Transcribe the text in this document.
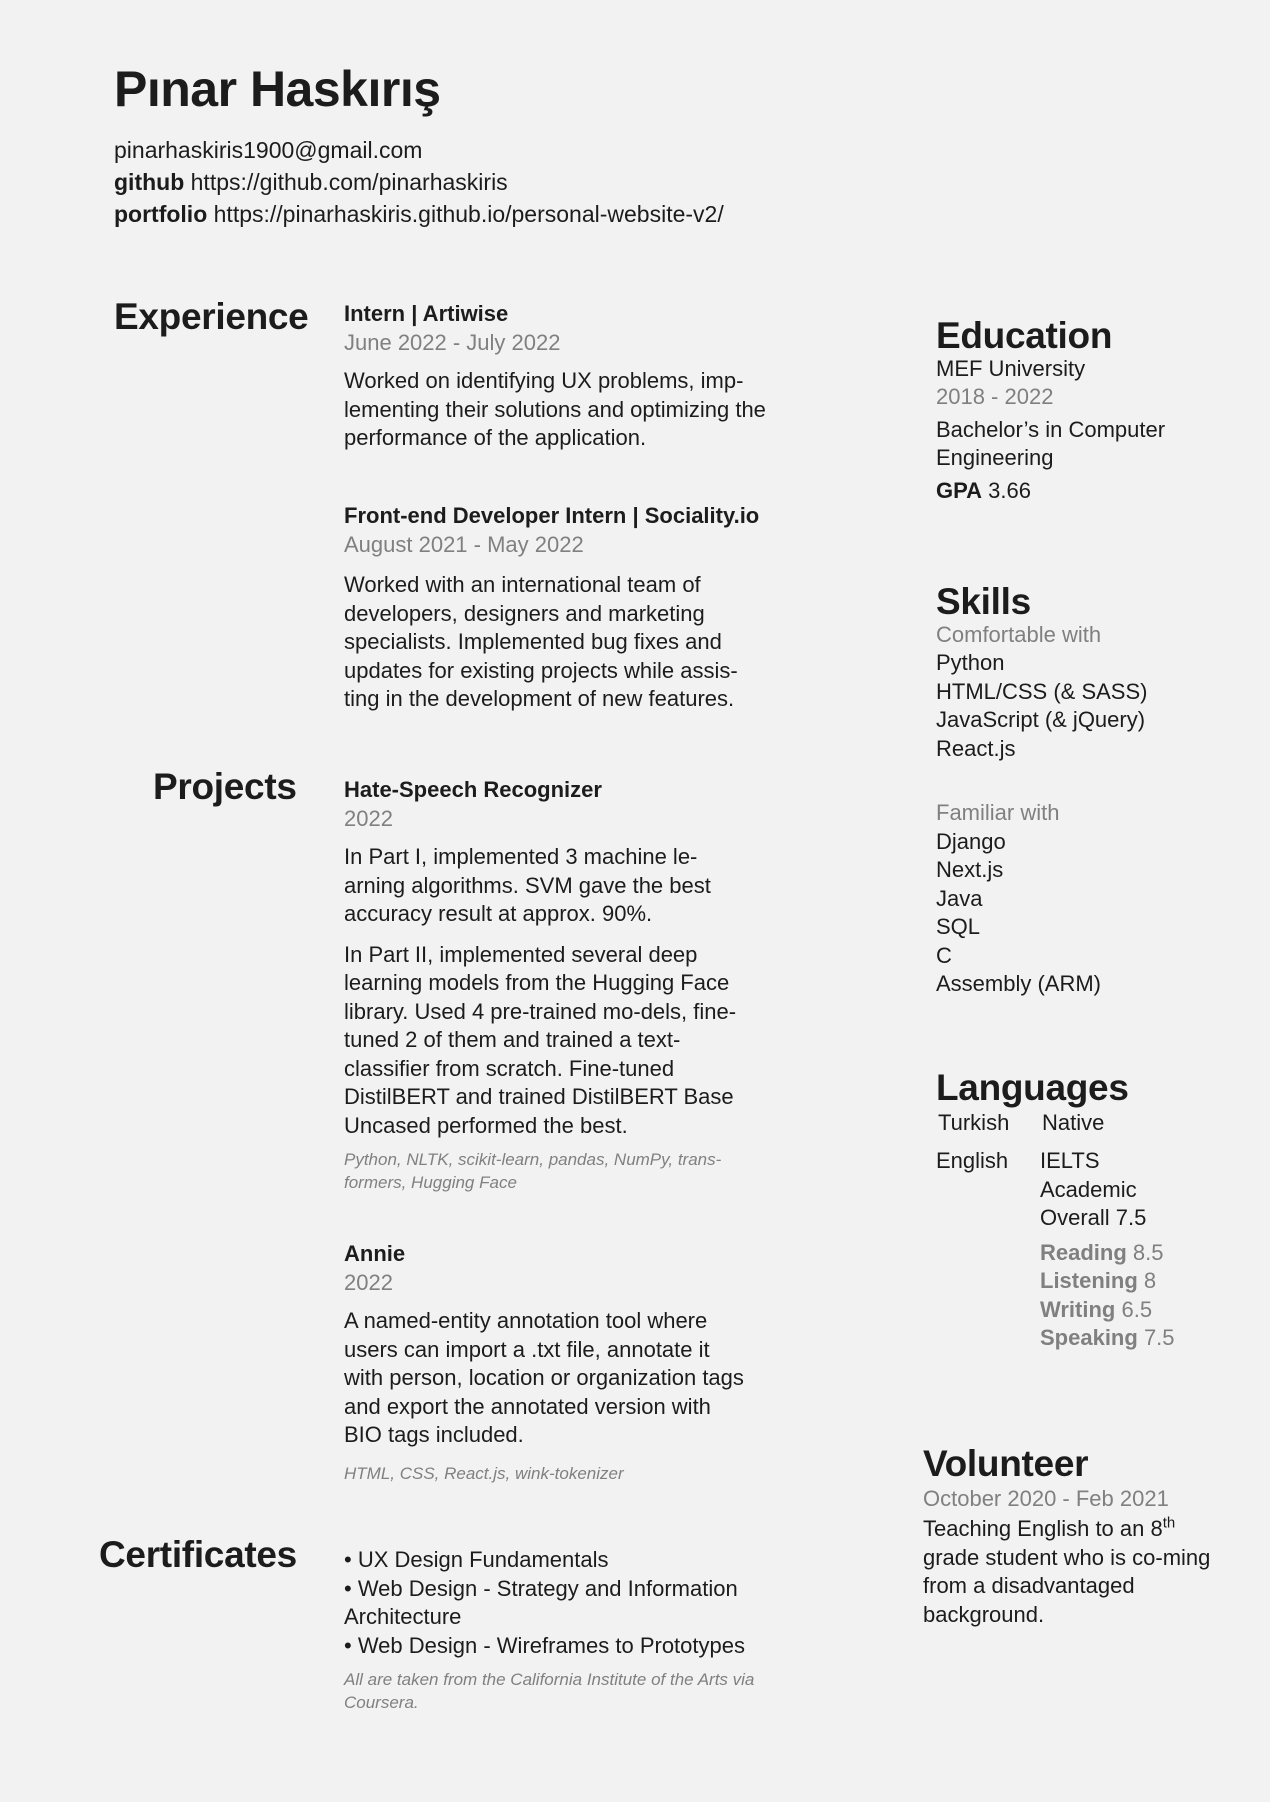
Pınar Haskırış
pinarhaskiris1900@gmail.com
github https://github.com/pinarhaskiris
portfolio https://pinarhaskiris.github.io/personal-website-v2/
Experience Intern | Artiwise
June 2022 - July 2022

Worked on identifying UX problems, imp-lementing their solutions and optimizing the performance of the application.

Front-end Developer Intern | Sociality.io
August 2021 - May 2022

Worked with an international team of developers, designers and marketing specialists. Implemented bug fixes and updates for existing projects while assis-ting in the development of new features.

Projects Hate-Speech Recognizer
2022

In Part I, implemented 3 machine le-arning algorithms. SVM gave the best accuracy result at approx. 90%.

In Part II, implemented several deep learning models from the Hugging Face library. Used 4 pre-trained mo-dels, fine-tuned 2 of them and trained a text-classifier from scratch. Fine-tuned DistilBERT and trained DistilBERT Base Uncased performed the best.

Python, NLTK, scikit-learn, pandas, NumPy, trans-formers, Hugging Face

Annie
2022

A named-entity annotation tool where users can import a .txt file, annotate it with person, location or organization tags and export the annotated version with BIO tags included.

HTML, CSS, React.js, wink-tokenizer

Certificates • UX Design Fundamentals
• Web Design - Strategy and Information Architecture
• Web Design - Wireframes to Prototypes

All are taken from the California Institute of the Arts via Coursera.

Education
MEF University
2018 - 2022
Bachelor’s in Computer Engineering
GPA 3.66
Skills
Comfortable with
Python
HTML/CSS (& SASS)
JavaScript (& jQuery)
React.js
Familiar with
Django
Next.js
Java
SQL
C
Assembly (ARM)
Languages
Turkish	Native
English	IELTS Academic Overall 7.5
Reading 8.5
Listening 8
Writing 6.5
Speaking 7.5
Volunteer
October 2020 - Feb 2021
Teaching English to an 8th grade student who is co-ming from a disadvantaged background.
